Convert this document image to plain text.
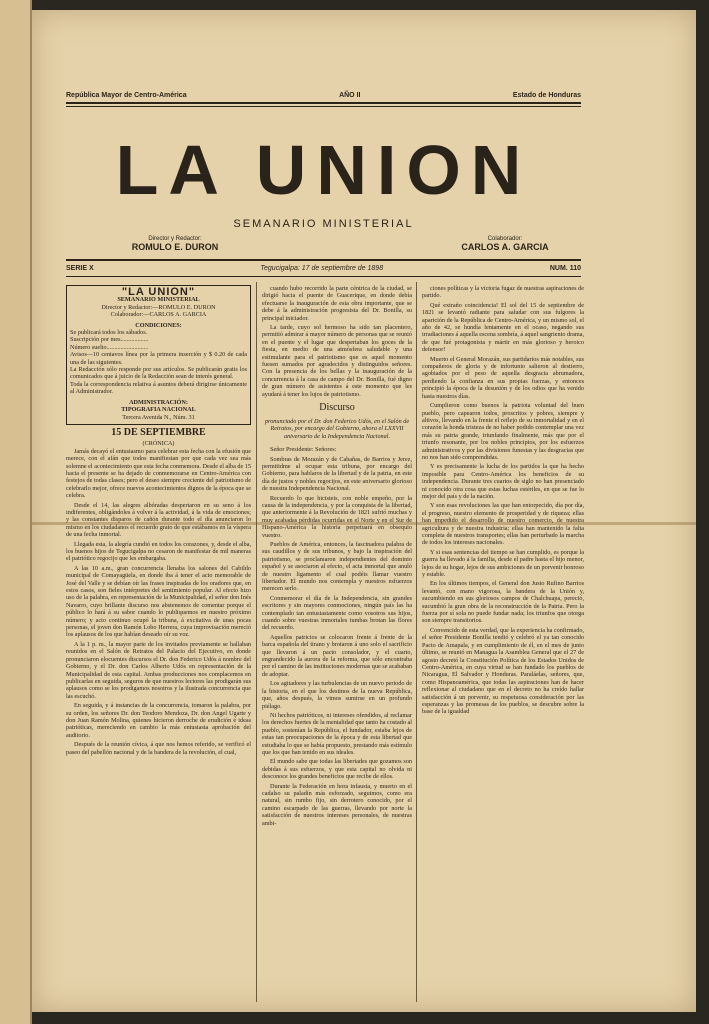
República Mayor de Centro-América	AÑO II	Estado de Honduras
LA UNION
SEMANARIO MINISTERIAL
Director y Redactor:
ROMULO E. DURON
Colaborador:
CARLOS A. GARCIA
SERIE X	Tegucigalpa: 17 de septiembre de 1898	NUM. 110
"LA UNION"
SEMANARIO MINISTERIAL
Director y Redactor:—ROMULO E. DURON
Colaborador:—CARLOS A. GARCIA
CONDICIONES:
Se publicará todos los sábados.
Suscripción por mes..................
Número suelto...........................
Avisos—10 centavos línea por la primera inserción y $ 0.20 de cada una de las siguientes.
La Redacción sólo responde por sus artículos. Se publicarán gratis los comunicados que á juicio de la Redacción sean de interés general.
Toda la correspondencia relativa á asuntos deberá dirigirse únicamente al Administrador.
ADMINISTRACIÓN:
TIPOGRAFIA NACIONAL
Tercera Avenida N., Núm. 31
15 DE SEPTIEMBRE
(CRÓNICA)

Jamás decayó el entusiasmo para celebrar esta fecha con la efusión que merece, con el afán que todos manifiestan por que cada vez sea más solemne el acontecimiento que esta fecha conmemora. Desde el alba de 15 hacia el presente se ha dejado de conmemorarse en Centro-América con festejos de todas clases; pero el deseo siempre creciente del patriotismo de celebrarlo mejor, ofrece nuevos acontecimientos dignos de la época que se celebra.

Desde el 14, las alegres albóradas despertaron en su seno á los indiferentes, obligándoles á volver á la actividad, á la vida de emociones; y las constantes disparos de cañón durante todo el día anunciaron lo mismo en los ciudadanos el recuerdo grato de que estábamos en la víspera de una fecha inmortal.

Llegada esta, la alegría cundió en todos los corazones, y, desde el alba, los buenos hijos de Tegucigalpa no cesaron de manifestar de mil maneras el patriótico regocijo que les embargaba.

A las 10 a.m., gran concurrencia llenaba los salones del Cabildo municipal de Comayagüela, en donde iba á tener el acto memorable de José del Valle y se debían oír las frases inspiradas de los oradores que, en estos casos, son fieles intérpretes del sentimiento popular. Al efecto hizo uso de la palabra, en representación de la Municipalidad, el señor don Inés Navarro, cuyo brillante discurso nos abstenemos de comentar porque el público lo hará á su sabor cuando lo publiquemos en nuestro próximo número; y acto continuo ocupó la tribuna, á excitativa de unas pocas personas, el joven don Ramón Lobo Herrera, cuya improvisación mereció los aplausos de los que habían deseado oír su voz.

A la 1 p. m., la mayor parte de los invitados previamente se hallaban reunidos en el Salón de Retratos del Palacio del Ejecutivo, en donde pronunciaron elocuentes discursos el Dr. don Federico Udós á nombre del Gobierno, y el Dr. don Carlos Alberto Udós en representación de la Municipalidad de esta capital. Ambas producciones nos complacemos en publicarlas en seguida, seguros de que nuestros lectores las prodigarán sus aplausos como se los prodigamos nosotros y la ilustrada concurrencia que las escuchó.

En seguida, y á instancias de la concurrencia, tomaron la palabra, por su orden, los señores Dr. don Teodoro Mendoza, Dr. don Angel Ugarte y don Juan Ramón Molina, quienes hicieron derroche de erudición é ideas patrióticas, mereciendo en cambio la más entusiasta aprobación del auditorio.

Después de la reunión cívica, á que nos hemos referido, se verificó el paseo del pabellón nacional y de la bandera de la revolución, el cual,

cuando hubo recorrido la parte céntrica de la ciudad, se dirigió hacia el puente de Guacerique, en donde debía efectuarse la inauguración de esta obra importante, que se debe á la administración progresista del Dr. Bonilla, su principal iniciador.

La tarde, cuyo sol hermoso ha sido tan placentero, permitió admirar á mayor número de personas que se reunió en el puente y el lugar que despertaban los goces de la fiesta, en medio de una atmósfera saludable y una estimulante para el patriotismo que es aquel momento fuesen sumados por agradecidos y distinguidos señores. Con la presencia de los bellas y la inauguración de la concurrencia á la casa de campo del Dr. Bonilla, fué digno de gran número de asistentes á este momento que les ayudará á tener los lujos de patriotismo.

Discurso

pronunciado por el Dr. don Federico Udós, en el Salón de Retratos, por encargo del Gobierno, ahora el LXXVII aniversario de la Independencia Nacional.

Señor Presidente: Señores:

Sombras de Morazán y de Cabañas, de Barrios y Jerez, permitidme al ocupar esta tribuna, por encargo del Gobierno, para hablaros de la libertad y de la patria, en este día de justos y nobles regocijos, en este aniversario glorioso de nuestra Independencia Nacional.

Recuerdo lo que hicisteis, con noble empeño, por la causa de la independencia, y por la conquista de la libertad, que anteriormente á la Revolución de 1821 sufrió muchas y muy acabadas pérdidas ocurridas en el Norte y en el Sur de Hispano-América la historia perpetuará en obsequio vuestro.

Pueblos de América, entonces, la fascinadora palabra de sus caudillos y de sus tribunos, y bajo la inspiración del patriotismo, se proclamaron independientes del dominio español y se asociaron al efecto, el acta inmortal que anuló de nuestro ligamento el cual podéis llamar vuestro libertador. El mundo nos contempla y nuestros esfuerzos merecen serlo.

Conmemorar el día de la Independencia, sin grandes escritores y sin mayores conmociones, ningún país las ha contemplado tan entusiastamente como vosotros sus hijos, cuando sobre vuestras inmortales tumbas brotan las flores del recuerdo.

Aquellos patricios se colocaron frente á frente de la barca española del tirano y brotaron á uno solo el sacrificio que llevaron á un pacto consolador, y el cuarto, engrandecido la aurora de la reforma, que sólo encontraba por el camino de las instituciones modernas que se acababan de adoptar.

Los agitadores y las turbulencias de un nuevo periodo de la historia, en el que los destinos de la nueva República, que, años después, la vimos sumirse en un profundo piélago.

Ni hechos patrióticos, ni intereses ofendidos, al reclamar los derechos fuertes de la mentalidad que tanto ha costado al pueblo, sostenían la República, el fundador, estaba lejos de estas tan preocupaciones de la época y de esta libertad que estudiaba lo que se había propuesto, prestando más estímulo que los que han tenido en sus ideales.

El mundo sabe que todas las libertades que gozamos son debidas á sus esfuerzos, y que esta capital no olvida ni desconoce los grandes beneficios que recibe de ellos.

Durante la Federación en hora infausta, y muerto en el cadalso su paladín más esforzado, seguimos, como era natural, sin rumbo fijo, sin derrotero conocido, por el camino escarpado de las guerras, llevando por norte la satisfacción de nuestros intereses personales, de nuestras ambi-

ciones políticas y la victoria fugaz de nuestras aspiraciones de partido.

Qué extraño coincidencia! El sol del 15 de septiembre de 1821 se levantó radiante para saludar con sus fulgores la aparición de la República de Centro-América, y un mismo sol, el año de 42, se hundía lentamente en el ocaso, negando sus irradiaciones á aquella escena sombría, á aquel sangriento drama, de que fué protagonista y mártir en más glorioso y heroico defensor!

Muerto el General Morazán, sus partidarios más notables, sus compañeros de gloria y de infortunio salieron al destierro, agobiados por el peso de aquella desgracia abrumadora, perdiendo la confianza en sus propias fuerzas, y entonces principió la época de la desunión y de los odios que ha venido hasta nuestros días.

Cumplieron como buenos la patriota voluntad del buen pueblo, pero capearon todos, proscritos y pobres, siempre y altivos, llevando en la frente el reflejo de su inmortalidad y en el corazón la honda tristeza de no haber podido contemplar una vez más su patria grande, triunfando finalmente, más que por el triunfo resonante, por los nobles principios, por los esfuerzos administrativos y por las divisiones funestas y las desgracias que no nos han sido comprendidas.

Y es precisamente la lucha de los partidos la que ha hecho imposible para Centro-América los beneficios de su independencia. Durante tres cuartos de siglo no han presenciado ni conocido otra cosa que estas luchas estériles, en que se fue lo mejor del país y de la nación.

Y son esas revoluciones las que han entorpecido, día por día, el progreso, nuestro elemento de prosperidad y de riqueza; ellas han impedido el desarrollo de nuestro comercio, de nuestra agricultura y de nuestra industria; ellas han mantenido la falta completa de nuestros transportes; ellas han perturbado la marcha de todos los intereses nacionales.

Y si esas sentencias del tiempo se han cumplido, es porque la guerra ha llevado á la familia, desde el padre hasta el hijo menor, lejos de su hogar, lejos de sus ambiciones de un porvenir honroso y estable.

En los últimos tiempos, el General don Justo Rufino Barrios levantó, con mano vigorosa, la bandera de la Unión y, sucumbiendo en sus gloriosos campos de Chalchuapa, pereció, sucumbió la gran obra de la reconstrucción de la Patria. Pero la fuerza por sí sola no puede fundar nada; los triunfos que otorga son siempre transitorios.

Convencido de esta verdad, que la experiencia ha confirmado, el señor Presidente Bonilla tendió y celebró el ya tan conocido Pacto de Amapala, y en cumplimiento de él, en el mes de junio último, se reunió en Managua la Asamblea General que el 27 de agosto decretó la Constitución Política de los Estados Unidos de Centro-América, en cuya virtud se han fundado los pueblos de Nicaragua, El Salvador y Honduras. Paraláelas, señores, que, como Hispanoamérica, que todas las aspiraciones han de hacer reflexionar al ciudadano que en el decreto no ha creído hallar satisfacción á un porvenir, su respetuosa consideración por las esperanzas y las promesas de los pueblos, se descubre sobre la base de la igualdad
